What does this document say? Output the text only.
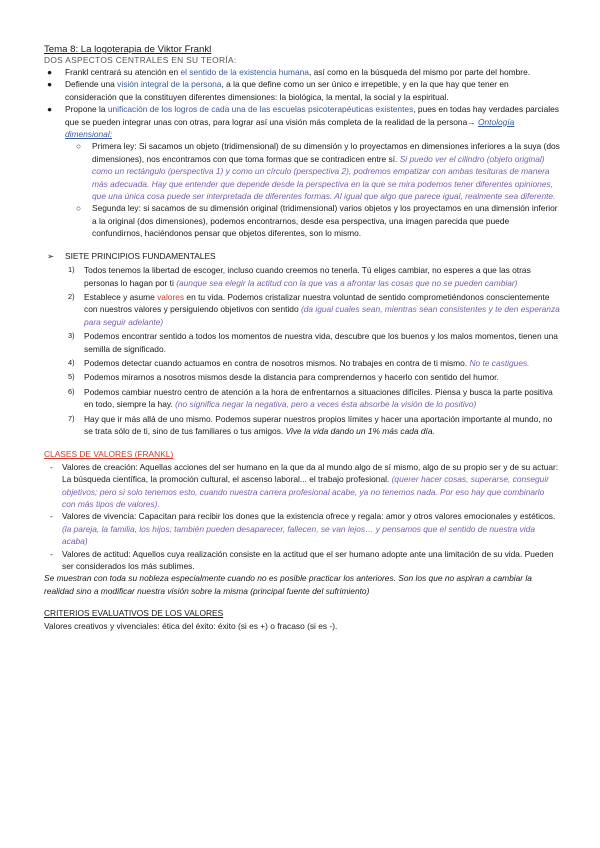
Tema 8: La logoterapia de Viktor Frankl
DOS ASPECTOS CENTRALES EN SU TEORÍA:
● Frankl centrará su atención en el sentido de la existencia humana, así como en la búsqueda del mismo por parte del hombre.
● Defiende una visión integral de la persona, a la que define como un ser único e irrepetible, y en la que hay que tener en consideración que la constituyen diferentes dimensiones: la biológica, la mental, la social y la espiritual.
● Propone la unificación de los logros de cada una de las escuelas psicoterapéuticas existentes, pues en todas hay verdades parciales que se pueden integrar unas con otras, para lograr así una visión más completa de la realidad de la persona→ Ontología dimensional:
○ Primera ley: Si sacamos un objeto (tridimensional) de su dimensión y lo proyectamos en dimensiones inferiores a la suya (dos dimensiones), nos encontramos con que toma formas que se contradicen entre sí. Si puedo ver el cilindro (objeto original) como un rectángulo (perspectiva 1) y como un círculo (perspectiva 2), podremos empatizar con ambas tesituras de manera más adecuada. Hay que entender que depende desde la perspectiva en la que se mira podemos tener diferentes opiniones, que una única cosa puede ser interpretada de diferentes formas. Al igual que algo que parece igual, realmente sea diferente.
○ Segunda ley: si sacamos de su dimensión original (tridimensional) varios objetos y los proyectamos en una dimensión inferior a la original (dos dimensiones), podemos encontrarnos, desde esa perspectiva, una imagen parecida que puede confundirnos, haciéndonos pensar que objetos diferentes, son lo mismo.
➢ SIETE PRINCIPIOS FUNDAMENTALES
1) Todos tenemos la libertad de escoger, incluso cuando creemos no tenerla. Tú eliges cambiar, no esperes a que las otras personas lo hagan por ti (aunque sea elegir la actitud con la que vas a afrontar las cosas que no se pueden cambiar)
2) Establece y asume valores en tu vida. Podemos cristalizar nuestra voluntad de sentido comprometiéndonos conscientemente con nuestros valores y persiguiendo objetivos con sentido (da igual cuales sean, mientras sean consistentes y te den esperanza para seguir adelante)
3) Podemos encontrar sentido a todos los momentos de nuestra vida, descubre que los buenos y los malos momentos, tienen una semilla de significado.
4) Podemos detectar cuando actuamos en contra de nosotros mismos. No trabajes en contra de ti mismo. No te castigues.
5) Podemos mirarnos a nosotros mismos desde la distancia para comprendernos y hacerlo con sentido del humor.
6) Podemos cambiar nuestro centro de atención a la hora de enfrentarnos a situaciones difíciles. Piensa y busca la parte positiva en todo, siempre la hay. (no significa negar la negativa, pero a veces ésta absorbe la visión de lo positivo)
7) Hay que ir más allá de uno mismo. Podemos superar nuestros propios límites y hacer una aportación importante al mundo, no se trata sólo de ti, sino de tus familiares o tus amigos. Vive la vida dando un 1% más cada día.
CLASES DE VALORES (FRANKL)
- Valores de creación: Aquellas acciones del ser humano en la que da al mundo algo de sí mismo, algo de su propio ser y de su actuar: La búsqueda científica, la promoción cultural, el ascenso laboral... el trabajo profesional. (querer hacer cosas, superarse, conseguir objetivos; pero si solo tenemos esto, cuando nuestra carrera profesional acabe, ya no tenemos nada. Por eso hay que combinarlo con más tipos de valores).
- Valores de vivencia: Capacitan para recibir los dones que la existencia ofrece y regala: amor y otros valores emocionales y estéticos. (la pareja, la familia, los hijos; también pueden desaparecer, fallecen, se van lejos… y pensamos que el sentido de nuestra vida acaba)
- Valores de actitud: Aquellos cuya realización consiste en la actitud que el ser humano adopte ante una limitación de su vida. Pueden ser considerados los más sublimes.
Se muestran con toda su nobleza especialmente cuando no es posible practicar los anteriores. Son los que no aspiran a cambiar la realidad sino a modificar nuestra visión sobre la misma (principal fuente del sufrimiento)
CRITERIOS EVALUATIVOS DE LOS VALORES
Valores creativos y vivenciales: ética del éxito: éxito (si es +) o fracaso (si es -).
